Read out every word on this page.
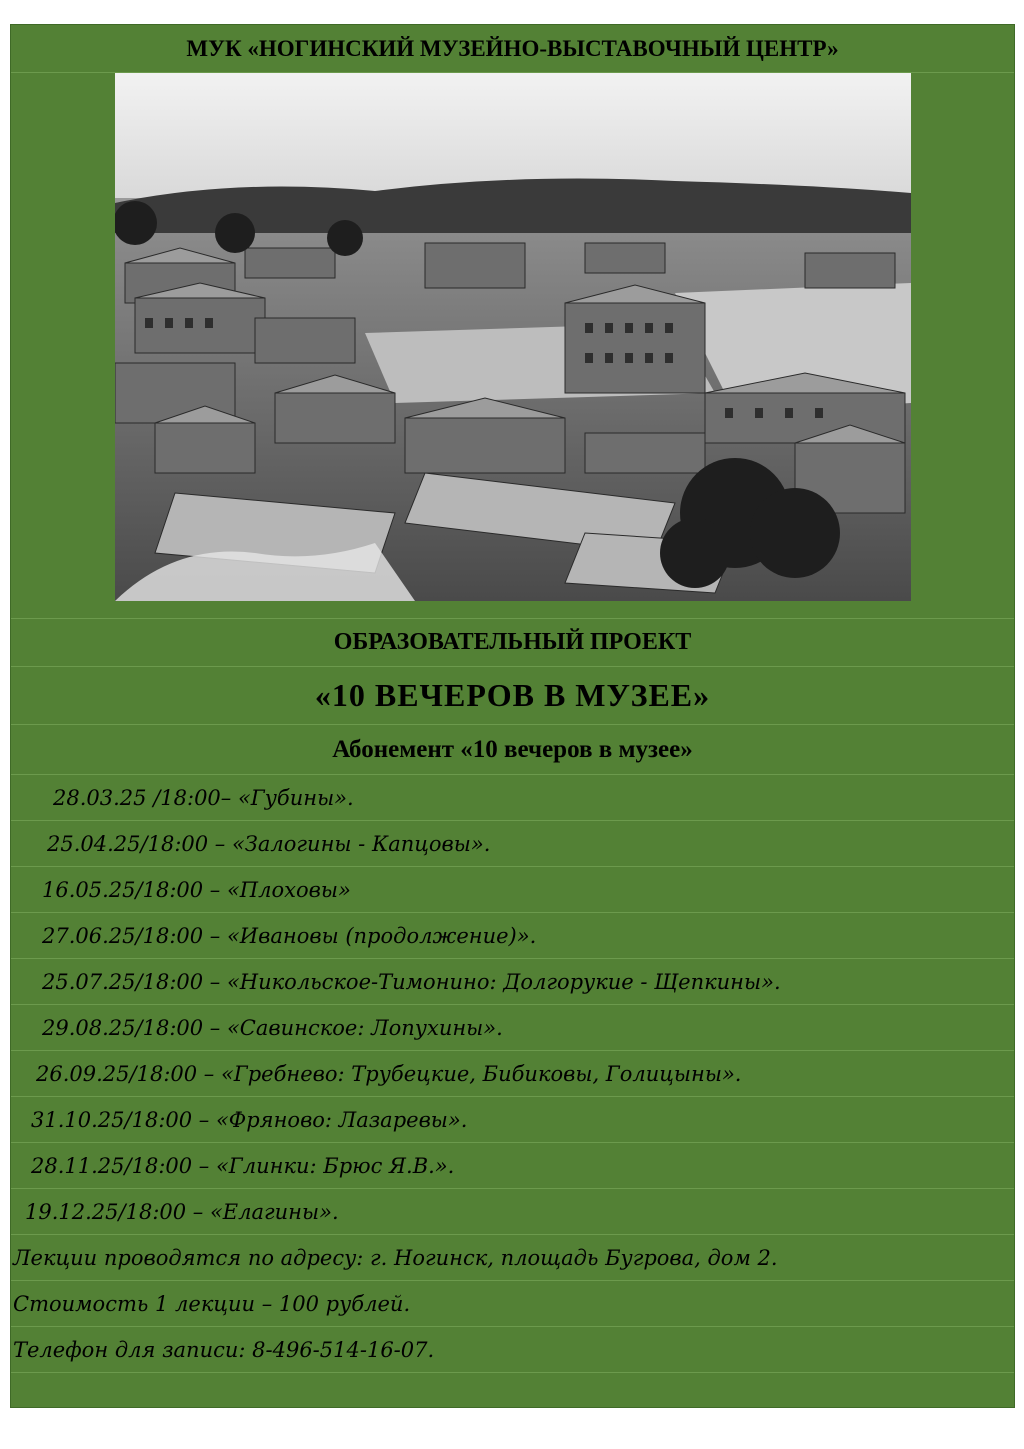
МУК «НОГИНСКИЙ МУЗЕЙНО-ВЫСТАВОЧНЫЙ ЦЕНТР»
ОБРАЗОВАТЕЛЬНЫЙ ПРОЕКТ
«10 ВЕЧЕРОВ В МУЗЕЕ»
Абонемент «10 вечеров в музее»
28.03.25 /18:00– «Губины».
25.04.25/18:00 – «Залогины - Капцовы».
16.05.25/18:00 – «Плоховы»
27.06.25/18:00 – «Ивановы (продолжение)».
25.07.25/18:00 – «Никольское-Тимонино: Долгорукие - Щепкины».
29.08.25/18:00 – «Савинское: Лопухины».
26.09.25/18:00 – «Гребнево: Трубецкие, Бибиковы, Голицыны».
31.10.25/18:00 – «Фряново: Лазаревы».
28.11.25/18:00 – «Глинки: Брюс Я.В.».
19.12.25/18:00 – «Елагины».
Лекции проводятся по адресу: г. Ногинск, площадь Бугрова, дом 2.
Стоимость 1 лекции – 100 рублей.
Телефон для записи: 8-496-514-16-07.
